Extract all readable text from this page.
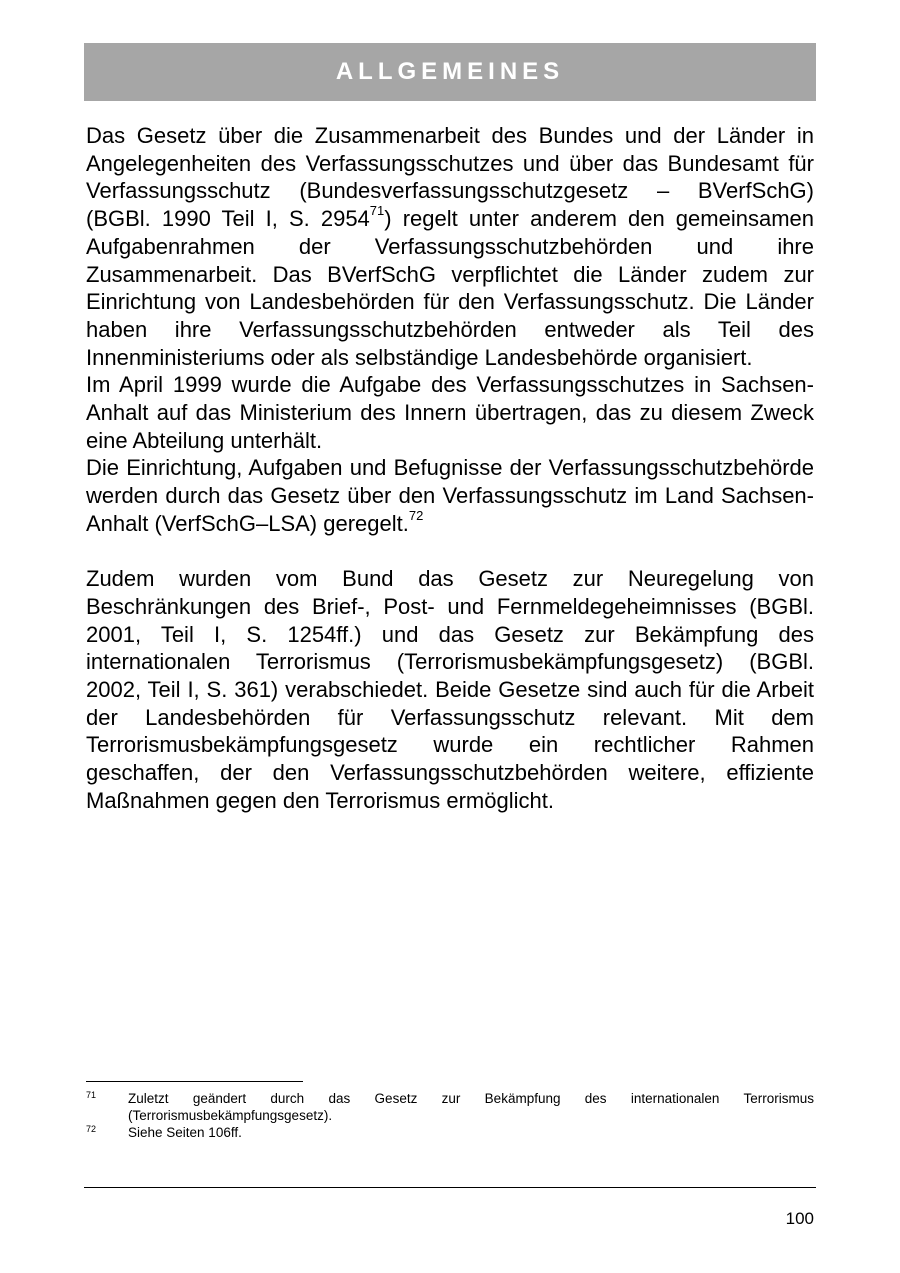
ALLGEMEINES

Das Gesetz über die Zusammenarbeit des Bundes und der Länder in Angelegenheiten des Verfassungsschutzes und über das Bundesamt für Verfassungsschutz (Bundesverfassungsschutzgesetz – BVerfSchG) (BGBl. 1990 Teil I, S. 2954$^{71}$) regelt unter anderem den gemeinsamen Aufgabenrahmen der Verfassungsschutzbehörden und ihre Zusammenarbeit. Das BVerfSchG verpflichtet die Länder zudem zur Einrichtung von Landesbehörden für den Verfassungsschutz. Die Länder haben ihre Verfassungsschutzbehörden entweder als Teil des Innenministeriums oder als selbständige Landesbehörde organisiert.

Im April 1999 wurde die Aufgabe des Verfassungsschutzes in Sachsen-Anhalt auf das Ministerium des Innern übertragen, das zu diesem Zweck eine Abteilung unterhält.

Die Einrichtung, Aufgaben und Befugnisse der Verfassungsschutzbehörde werden durch das Gesetz über den Verfassungsschutz im Land Sachsen-Anhalt (VerfSchG–LSA) geregelt.$^{72}$

Zudem wurden vom Bund das Gesetz zur Neuregelung von Beschränkungen des Brief-, Post- und Fernmeldegeheimnisses (BGBl. 2001, Teil I, S. 1254ff.) und das Gesetz zur Bekämpfung des internationalen Terrorismus (Terrorismusbekämpfungsgesetz) (BGBl. 2002, Teil I, S. 361) verabschiedet. Beide Gesetze sind auch für die Arbeit der Landesbehörden für Verfassungsschutz relevant. Mit dem Terrorismusbekämpfungsgesetz wurde ein rechtlicher Rahmen geschaffen, der den Verfassungsschutzbehörden weitere, effiziente Maßnahmen gegen den Terrorismus ermöglicht.

71 Zuletzt geändert durch das Gesetz zur Bekämpfung des internationalen Terrorismus (Terrorismusbekämpfungsgesetz).
72 Siehe Seiten 106ff.
100
